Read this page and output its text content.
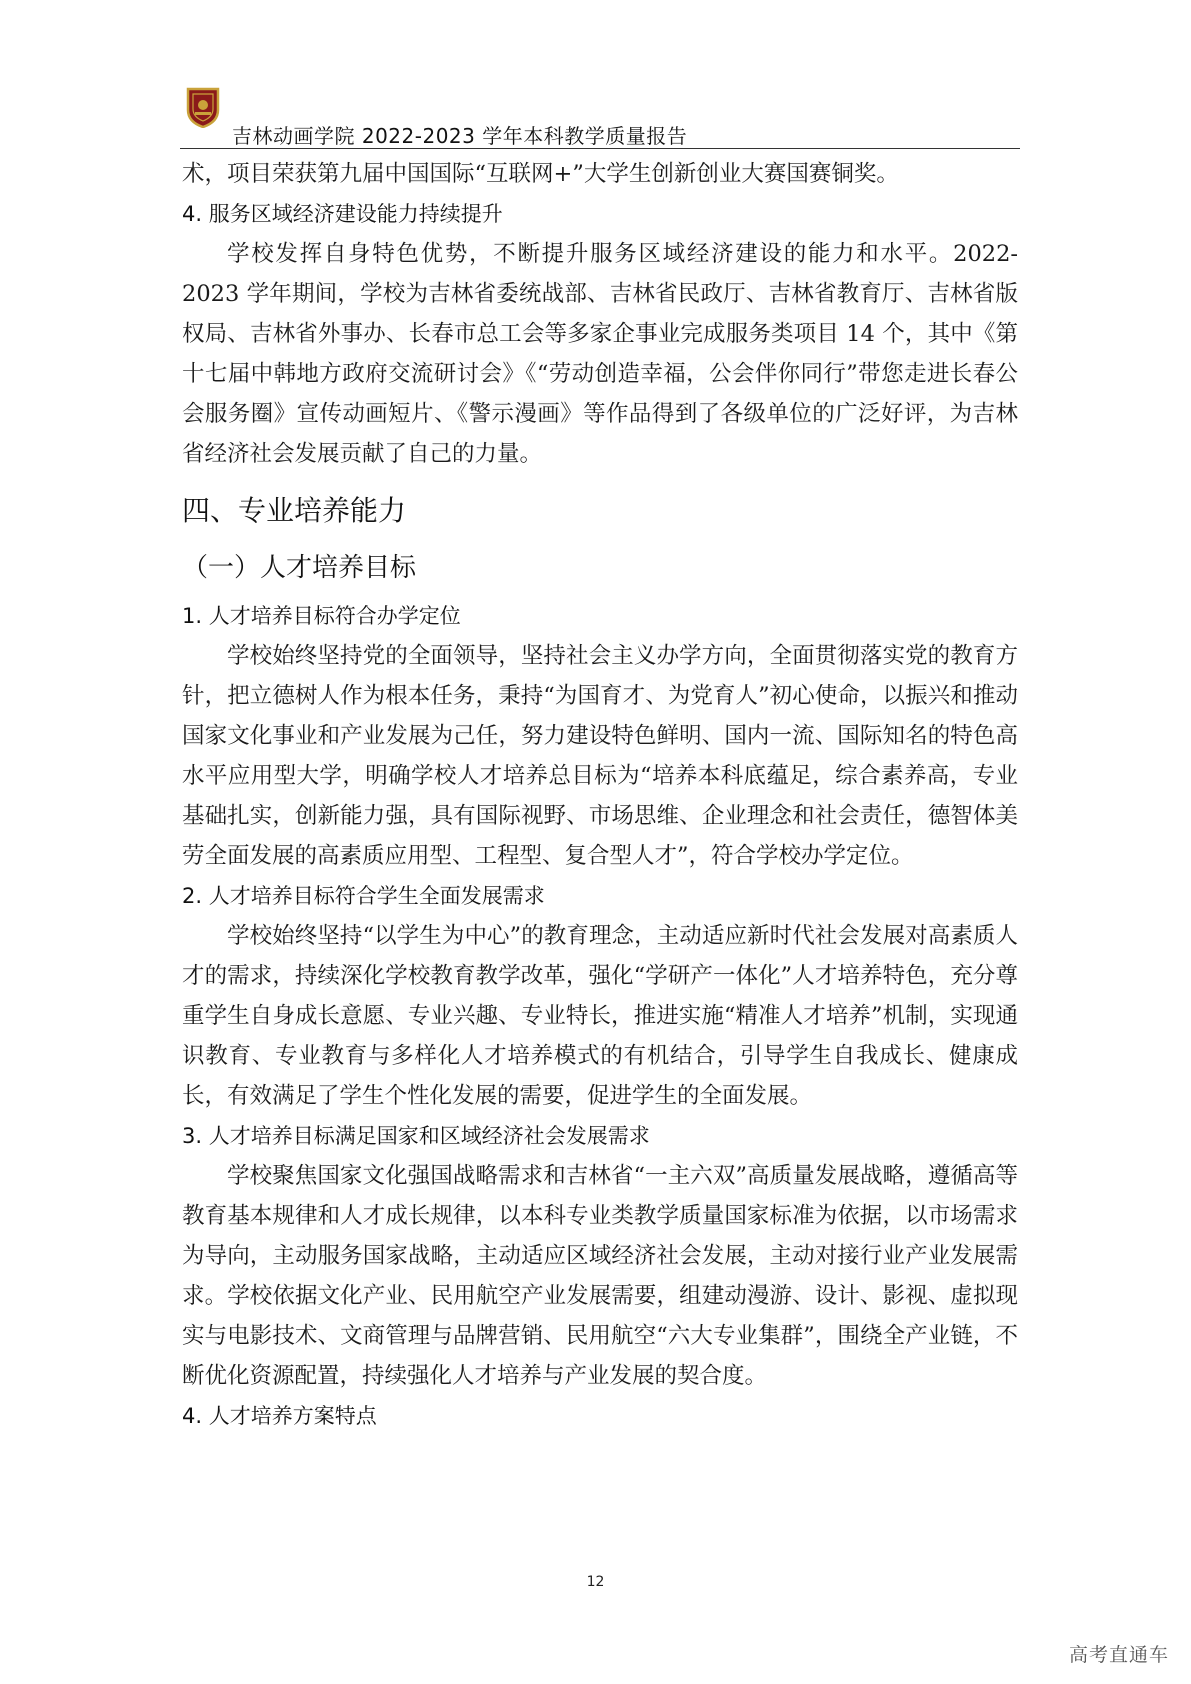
吉林动画学院 2022-2023 学年本科教学质量报告

术，项目荣获第九届中国国际“互联网+”大学生创新创业大赛国赛铜奖。

4. 服务区域经济建设能力持续提升

学校发挥自身特色优势，不断提升服务区域经济建设的能力和水平。2022-2023 学年期间，学校为吉林省委统战部、吉林省民政厅、吉林省教育厅、吉林省版权局、吉林省外事办、长春市总工会等多家企事业完成服务类项目 14 个，其中《第十七届中韩地方政府交流研讨会》《“劳动创造幸福，公会伴你同行”带您走进长春公会服务圈》宣传动画短片、《警示漫画》等作品得到了各级单位的广泛好评，为吉林省经济社会发展贡献了自己的力量。

四、专业培养能力
（一）人才培养目标
1. 人才培养目标符合办学定位

学校始终坚持党的全面领导，坚持社会主义办学方向，全面贯彻落实党的教育方针，把立德树人作为根本任务，秉持“为国育才、为党育人”初心使命，以振兴和推动国家文化事业和产业发展为己任，努力建设特色鲜明、国内一流、国际知名的特色高水平应用型大学，明确学校人才培养总目标为“培养本科底蕴足，综合素养高，专业基础扎实，创新能力强，具有国际视野、市场思维、企业理念和社会责任，德智体美劳全面发展的高素质应用型、工程型、复合型人才”，符合学校办学定位。

2. 人才培养目标符合学生全面发展需求

学校始终坚持“以学生为中心”的教育理念，主动适应新时代社会发展对高素质人才的需求，持续深化学校教育教学改革，强化“学研产一体化”人才培养特色，充分尊重学生自身成长意愿、专业兴趣、专业特长，推进实施“精准人才培养”机制，实现通识教育、专业教育与多样化人才培养模式的有机结合，引导学生自我成长、健康成长，有效满足了学生个性化发展的需要，促进学生的全面发展。

3. 人才培养目标满足国家和区域经济社会发展需求

学校聚焦国家文化强国战略需求和吉林省“一主六双”高质量发展战略，遵循高等教育基本规律和人才成长规律，以本科专业类教学质量国家标准为依据，以市场需求为导向，主动服务国家战略，主动适应区域经济社会发展，主动对接行业产业发展需求。学校依据文化产业、民用航空产业发展需要，组建动漫游、设计、影视、虚拟现实与电影技术、文商管理与品牌营销、民用航空“六大专业集群”，围绕全产业链，不断优化资源配置，持续强化人才培养与产业发展的契合度。

4. 人才培养方案特点
12
高考直通车
